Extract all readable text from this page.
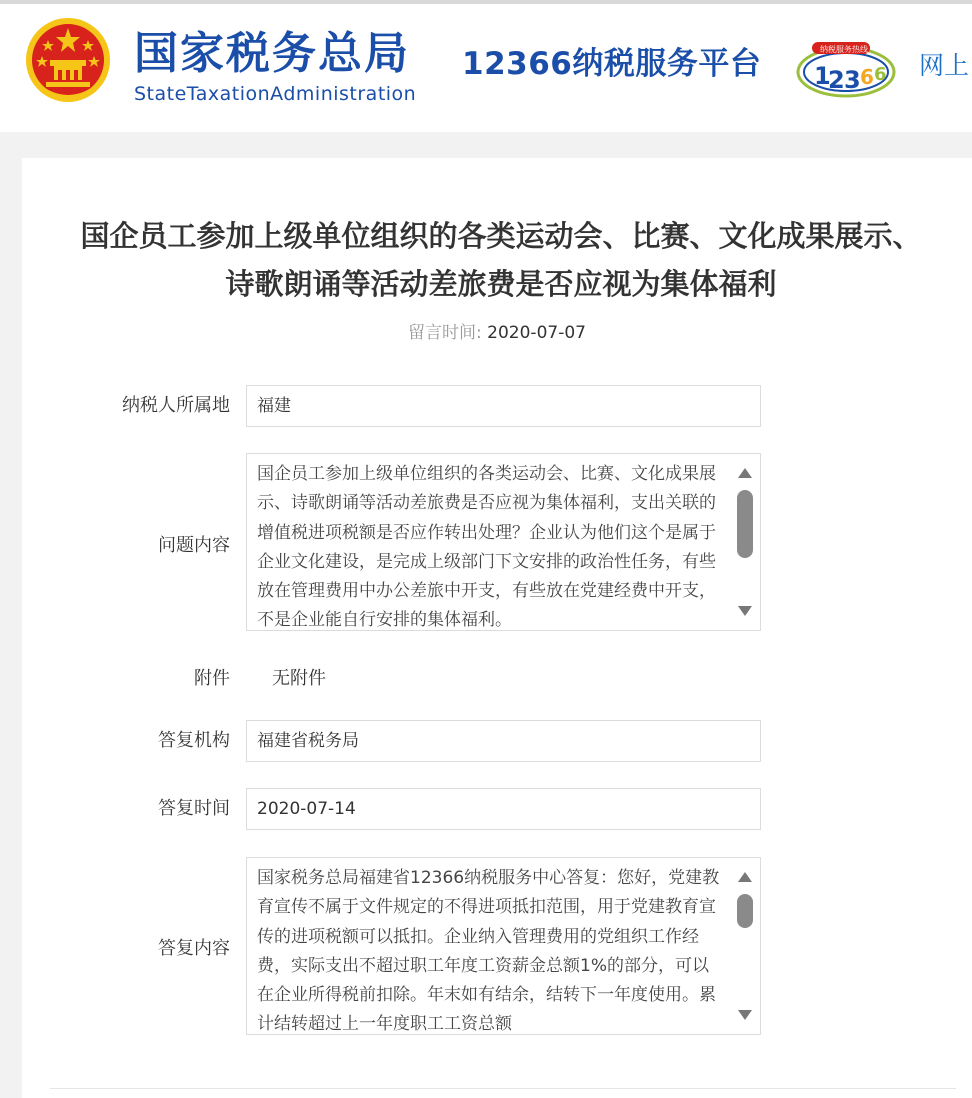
国家税务总局
StateTaxationAdministration
12366纳税服务平台	纳税服务热线
1
2 3 6 6 网上
国企员工参加上级单位组织的各类运动会、比赛、文化成果展示、诗歌朗诵等活动差旅费是否应视为集体福利
留言时间: 2020-07-07
纳税人所属地	福建
问题内容
国企员工参加上级单位组织的各类运动会、比赛、文化成果展示、诗歌朗诵等活动差旅费是否应视为集体福利，支出关联的增值税进项税额是否应作转出处理？企业认为他们这个是属于企业文化建设，是完成上级部门下文安排的政治性任务，有些放在管理费用中办公差旅中开支，有些放在党建经费中开支，不是企业能自行安排的集体福利。
附件 无附件
答复机构	福建省税务局
答复时间	2020-07-14
答复内容
国家税务总局福建省12366纳税服务中心答复：您好，党建教育宣传不属于文件规定的不得进项抵扣范围，用于党建教育宣传的进项税额可以抵扣。企业纳入管理费用的党组织工作经费，实际支出不超过职工年度工资薪金总额1%的部分，可以在企业所得税前扣除。年末如有结余，结转下一年度使用。累计结转超过上一年度职工工资总额
